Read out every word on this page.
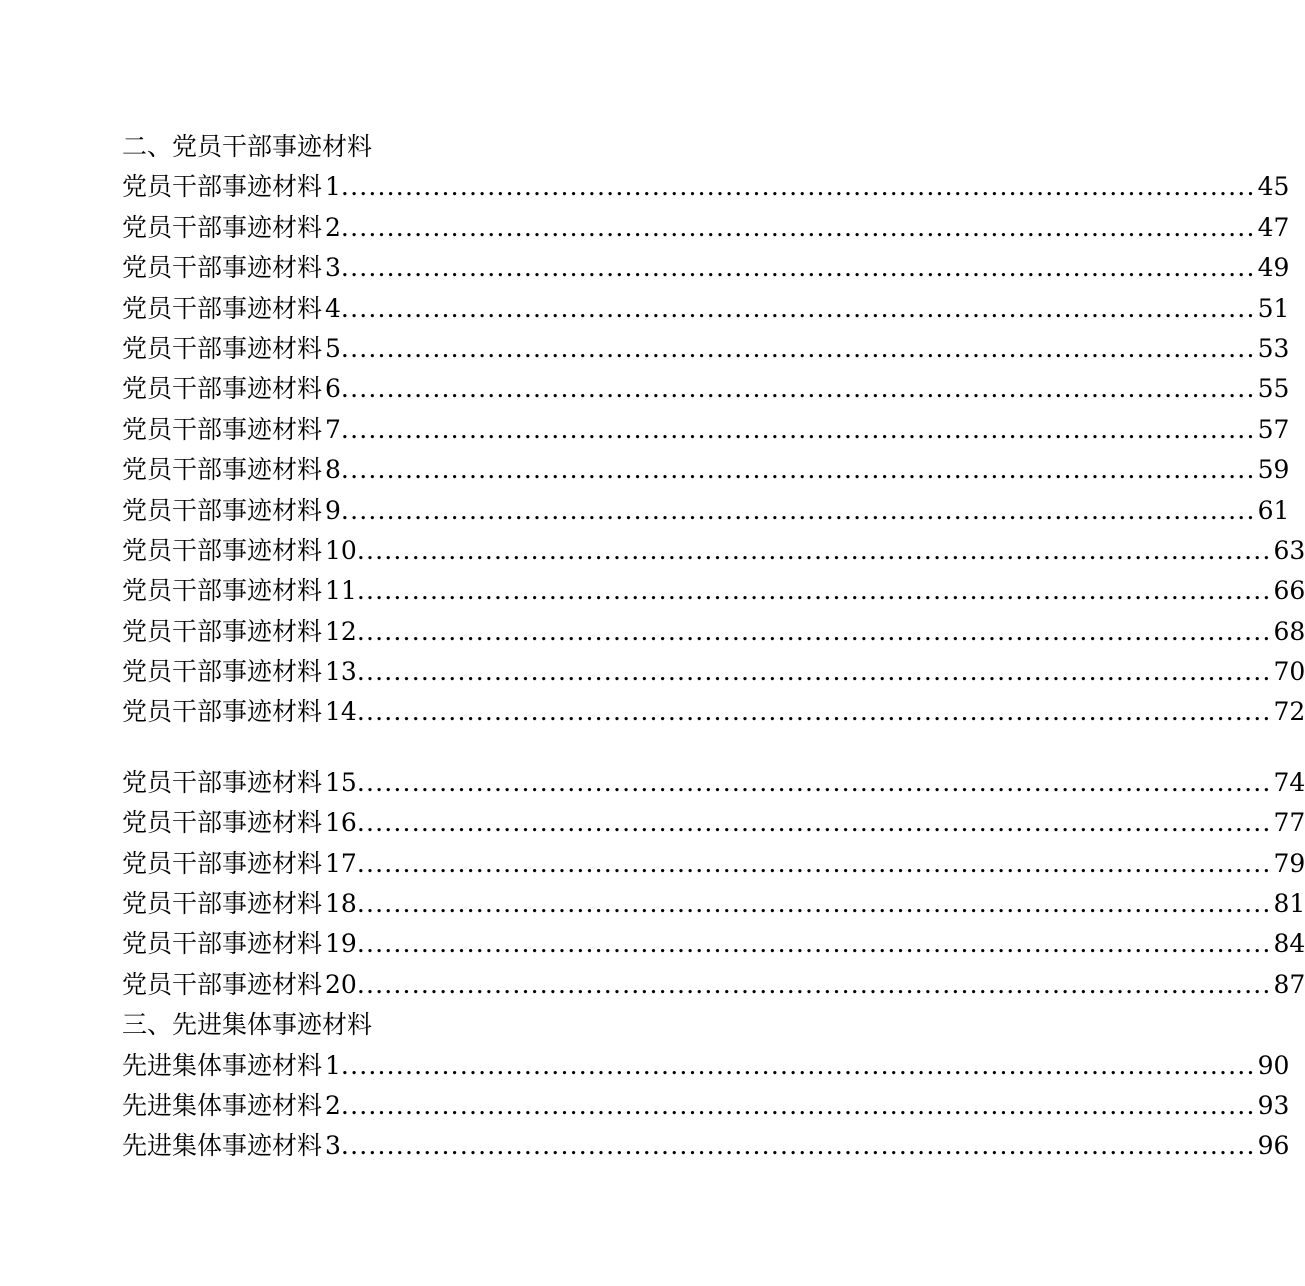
二、党员干部事迹材料
党员干部事迹材料 1 .................................................................................................... 45
党员干部事迹材料 2 .................................................................................................... 47
党员干部事迹材料 3 .................................................................................................... 49
党员干部事迹材料 4 .................................................................................................... 51
党员干部事迹材料 5 .................................................................................................... 53
党员干部事迹材料 6 .................................................................................................... 55
党员干部事迹材料 7 .................................................................................................... 57
党员干部事迹材料 8 .................................................................................................... 59
党员干部事迹材料 9 .................................................................................................... 61
党员干部事迹材料 10 .................................................................................................... 63
党员干部事迹材料 11 .................................................................................................... 66
党员干部事迹材料 12 .................................................................................................... 68
党员干部事迹材料 13 .................................................................................................... 70
党员干部事迹材料 14 .................................................................................................... 72
党员干部事迹材料 15 .................................................................................................... 74
党员干部事迹材料 16 .................................................................................................... 77
党员干部事迹材料 17 .................................................................................................... 79
党员干部事迹材料 18 .................................................................................................... 81
党员干部事迹材料 19 .................................................................................................... 84
党员干部事迹材料 20 .................................................................................................... 87
三、先进集体事迹材料
先进集体事迹材料 1 .................................................................................................... 90
先进集体事迹材料 2 .................................................................................................... 93
先进集体事迹材料 3 .................................................................................................... 96
